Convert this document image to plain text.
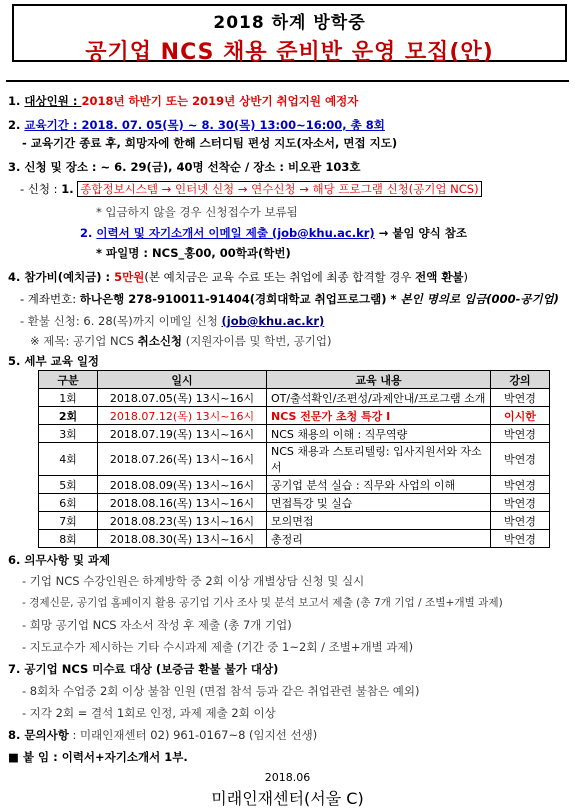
2018 하계 방학중
공기업 NCS 채용 준비반 운영 모집(안)
1. 대상인원 : 2018년 하반기 또는 2019년 상반기 취업지원 예정자
2. 교육기간 : 2018. 07. 05(목) ~ 8. 30(목) 13:00~16:00, 총 8회
- 교육기간 종료 후, 희망자에 한해 스터디팀 편성 지도(자소서, 면접 지도)
3. 신청 및 장소 : ~ 6. 29(금), 40명 선착순 / 장소 : 비오관 103호
- 신청 : 1. 종합정보시스템 → 인터넷 신청 → 연수신청 → 해당 프로그램 신청(공기업 NCS)
* 입금하지 않을 경우 신청접수가 보류됨
2. 이력서 및 자기소개서 이메일 제출 (job@khu.ac.kr) → 붙임 양식 참조
* 파일명 : NCS_홍00, 00학과(학번)
4. 참가비(예치금) : 5만원(본 예치금은 교육 수료 또는 취업에 최종 합격할 경우 전액 환불)
- 계좌번호: 하나은행 278-910011-91404(경희대학교 취업프로그램) * 본인 명의로 입금(000-공기업)
- 환불 신청: 6. 28(목)까지 이메일 신청 (job@khu.ac.kr)
※ 제목: 공기업 NCS 취소신청 (지원자이름 및 학번, 공기업)
5. 세부 교육 일정
구분	일시	교육 내용	강의
1회	2018.07.05(목) 13시~16시	OT/출석확인/조편성/과제안내/프로그램 소개	박연경
2회	2018.07.12(목) 13시~16시	NCS 전문가 초청 특강 I	이시한
3회	2018.07.19(목) 13시~16시	NCS 채용의 이해 : 직무역량	박연경
4회	2018.07.26(목) 13시~16시	NCS 채용과 스토리텔링: 입사지원서와 자소서	박연경
5회	2018.08.09(목) 13시~16시	공기업 분석 실습 : 직무와 사업의 이해	박연경
6회	2018.08.16(목) 13시~16시	면접특강 및 실습	박연경
7회	2018.08.23(목) 13시~16시	모의면접	박연경
8회	2018.08.30(목) 13시~16시	총정리	박연경
6. 의무사항 및 과제
- 기업 NCS 수강인원은 하계방학 중 2회 이상 개별상담 신청 및 실시
- 경제신문, 공기업 홈페이지 활용 공기업 기사 조사 및 분석 보고서 제출 (총 7개 기업 / 조별+개별 과제)
- 희망 공기업 NCS 자소서 작성 후 제출 (총 7개 기업)
- 지도교수가 제시하는 기타 수시과제 제출 (기간 중 1~2회 / 조별+개별 과제)
7. 공기업 NCS 미수료 대상 (보증금 환불 불가 대상)
- 8회차 수업중 2회 이상 불참 인원 (면접 참석 등과 같은 취업관련 불참은 예외)
- 지각 2회 = 결석 1회로 인정, 과제 제출 2회 이상
8. 문의사항 : 미래인재센터 02) 961-0167~8 (임지선 선생)
■ 붙 임 : 이력서+자기소개서 1부.
2018.06
미래인재센터(서울 C)
